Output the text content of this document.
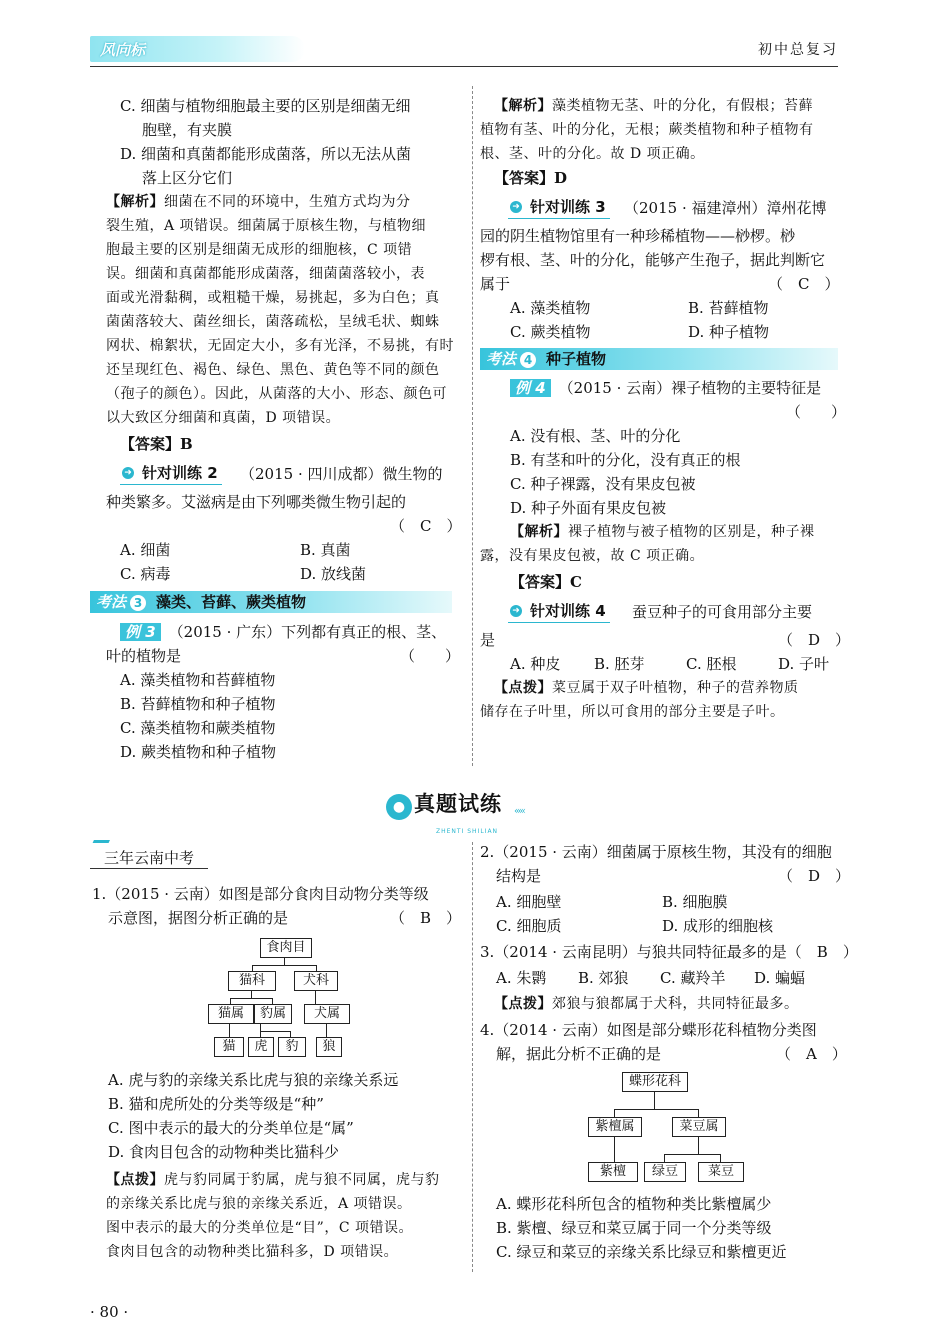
风向标	初中总复习
C. 细菌与植物细胞最主要的区别是细菌无细
胞壁，有夹膜
D. 细菌和真菌都能形成菌落，所以无法从菌
落上区分它们
【解析】细菌在不同的环境中，生殖方式均为分
裂生殖，A 项错误。细菌属于原核生物，与植物细
胞最主要的区别是细菌无成形的细胞核，C 项错
误。细菌和真菌都能形成菌落，细菌菌落较小，表
面或光滑黏稠，或粗糙干燥，易挑起，多为白色；真
菌菌落较大、菌丝细长，菌落疏松，呈绒毛状、蜘蛛
网状、棉絮状，无固定大小，多有光泽，不易挑，有时
还呈现红色、褐色、绿色、黑色、黄色等不同的颜色
（孢子的颜色）。因此，从菌落的大小、形态、颜色可
以大致区分细菌和真菌，D 项错误。
【答案】B
➜ 针对训练 2 （2015 · 四川成都）微生物的
种类繁多。艾滋病是由下列哪类微生物引起的
（　C　）
A. 细菌	B. 真菌
C. 病毒	D. 放线菌
考法 3 藻类、苔藓、蕨类植物
例 3 （2015 · 广东）下列都有真正的根、茎、
叶的植物是	（　　）
A. 藻类植物和苔藓植物
B. 苔藓植物和种子植物
C. 藻类植物和蕨类植物
D. 蕨类植物和种子植物
【解析】藻类植物无茎、叶的分化，有假根；苔藓
植物有茎、叶的分化，无根；蕨类植物和种子植物有
根、茎、叶的分化。故 D 项正确。
【答案】D
➜ 针对训练 3 （2015 · 福建漳州）漳州花博
园的阴生植物馆里有一种珍稀植物——桫椤。桫
椤有根、茎、叶的分化，能够产生孢子，据此判断它
属于	（　C　）
A. 藻类植物	B. 苔藓植物
C. 蕨类植物	D. 种子植物
考法 4 种子植物
例 4 （2015 · 云南）裸子植物的主要特征是
（　　）
A. 没有根、茎、叶的分化
B. 有茎和叶的分化，没有真正的根
C. 种子裸露，没有果皮包被
D. 种子外面有果皮包被
【解析】裸子植物与被子植物的区别是，种子裸
露，没有果皮包被，故 C 项正确。
【答案】C
➜ 针对训练 4 蚕豆种子的可食用部分主要
是	（　D　）
A. 种皮 B. 胚芽	C. 胚根	D. 子叶
【点拨】菜豆属于双子叶植物，种子的营养物质
储存在子叶里，所以可食用的部分主要是子叶。
● 真题试练 ‹‹‹‹‹
ZHENTI SHILIAN
三年云南中考
1.（2015 · 云南）如图是部分食肉目动物分类等级
示意图，据图分析正确的是	（　B　）
食肉目
猫科	犬科
猫属	豹属	犬属
猫	虎	豹	狼
A. 虎与豹的亲缘关系比虎与狼的亲缘关系远
B. 猫和虎所处的分类等级是“种”
C. 图中表示的最大的分类单位是“属”
D. 食肉目包含的动物种类比猫科少
【点拨】虎与豹同属于豹属，虎与狼不同属，虎与豹
的亲缘关系比虎与狼的亲缘关系近，A 项错误。
图中表示的最大的分类单位是“目”，C 项错误。
食肉目包含的动物种类比猫科多，D 项错误。
2.（2015 · 云南）细菌属于原核生物，其没有的细胞
结构是	（　D　）
A. 细胞壁	B. 细胞膜
C. 细胞质	D. 成形的细胞核
3.（2014 · 云南昆明）与狼共同特征最多的是（　B　）
A. 朱鹮 B. 郊狼 C. 藏羚羊 D. 蝙蝠
【点拨】郊狼与狼都属于犬科，共同特征最多。
4.（2014 · 云南）如图是部分蝶形花科植物分类图
解，据此分析不正确的是	（　A　）
蝶形花科
紫檀属	菜豆属
紫檀	绿豆	菜豆
A. 蝶形花科所包含的植物种类比紫檀属少
B. 紫檀、绿豆和菜豆属于同一个分类等级
C. 绿豆和菜豆的亲缘关系比绿豆和紫檀更近
· 80 ·
